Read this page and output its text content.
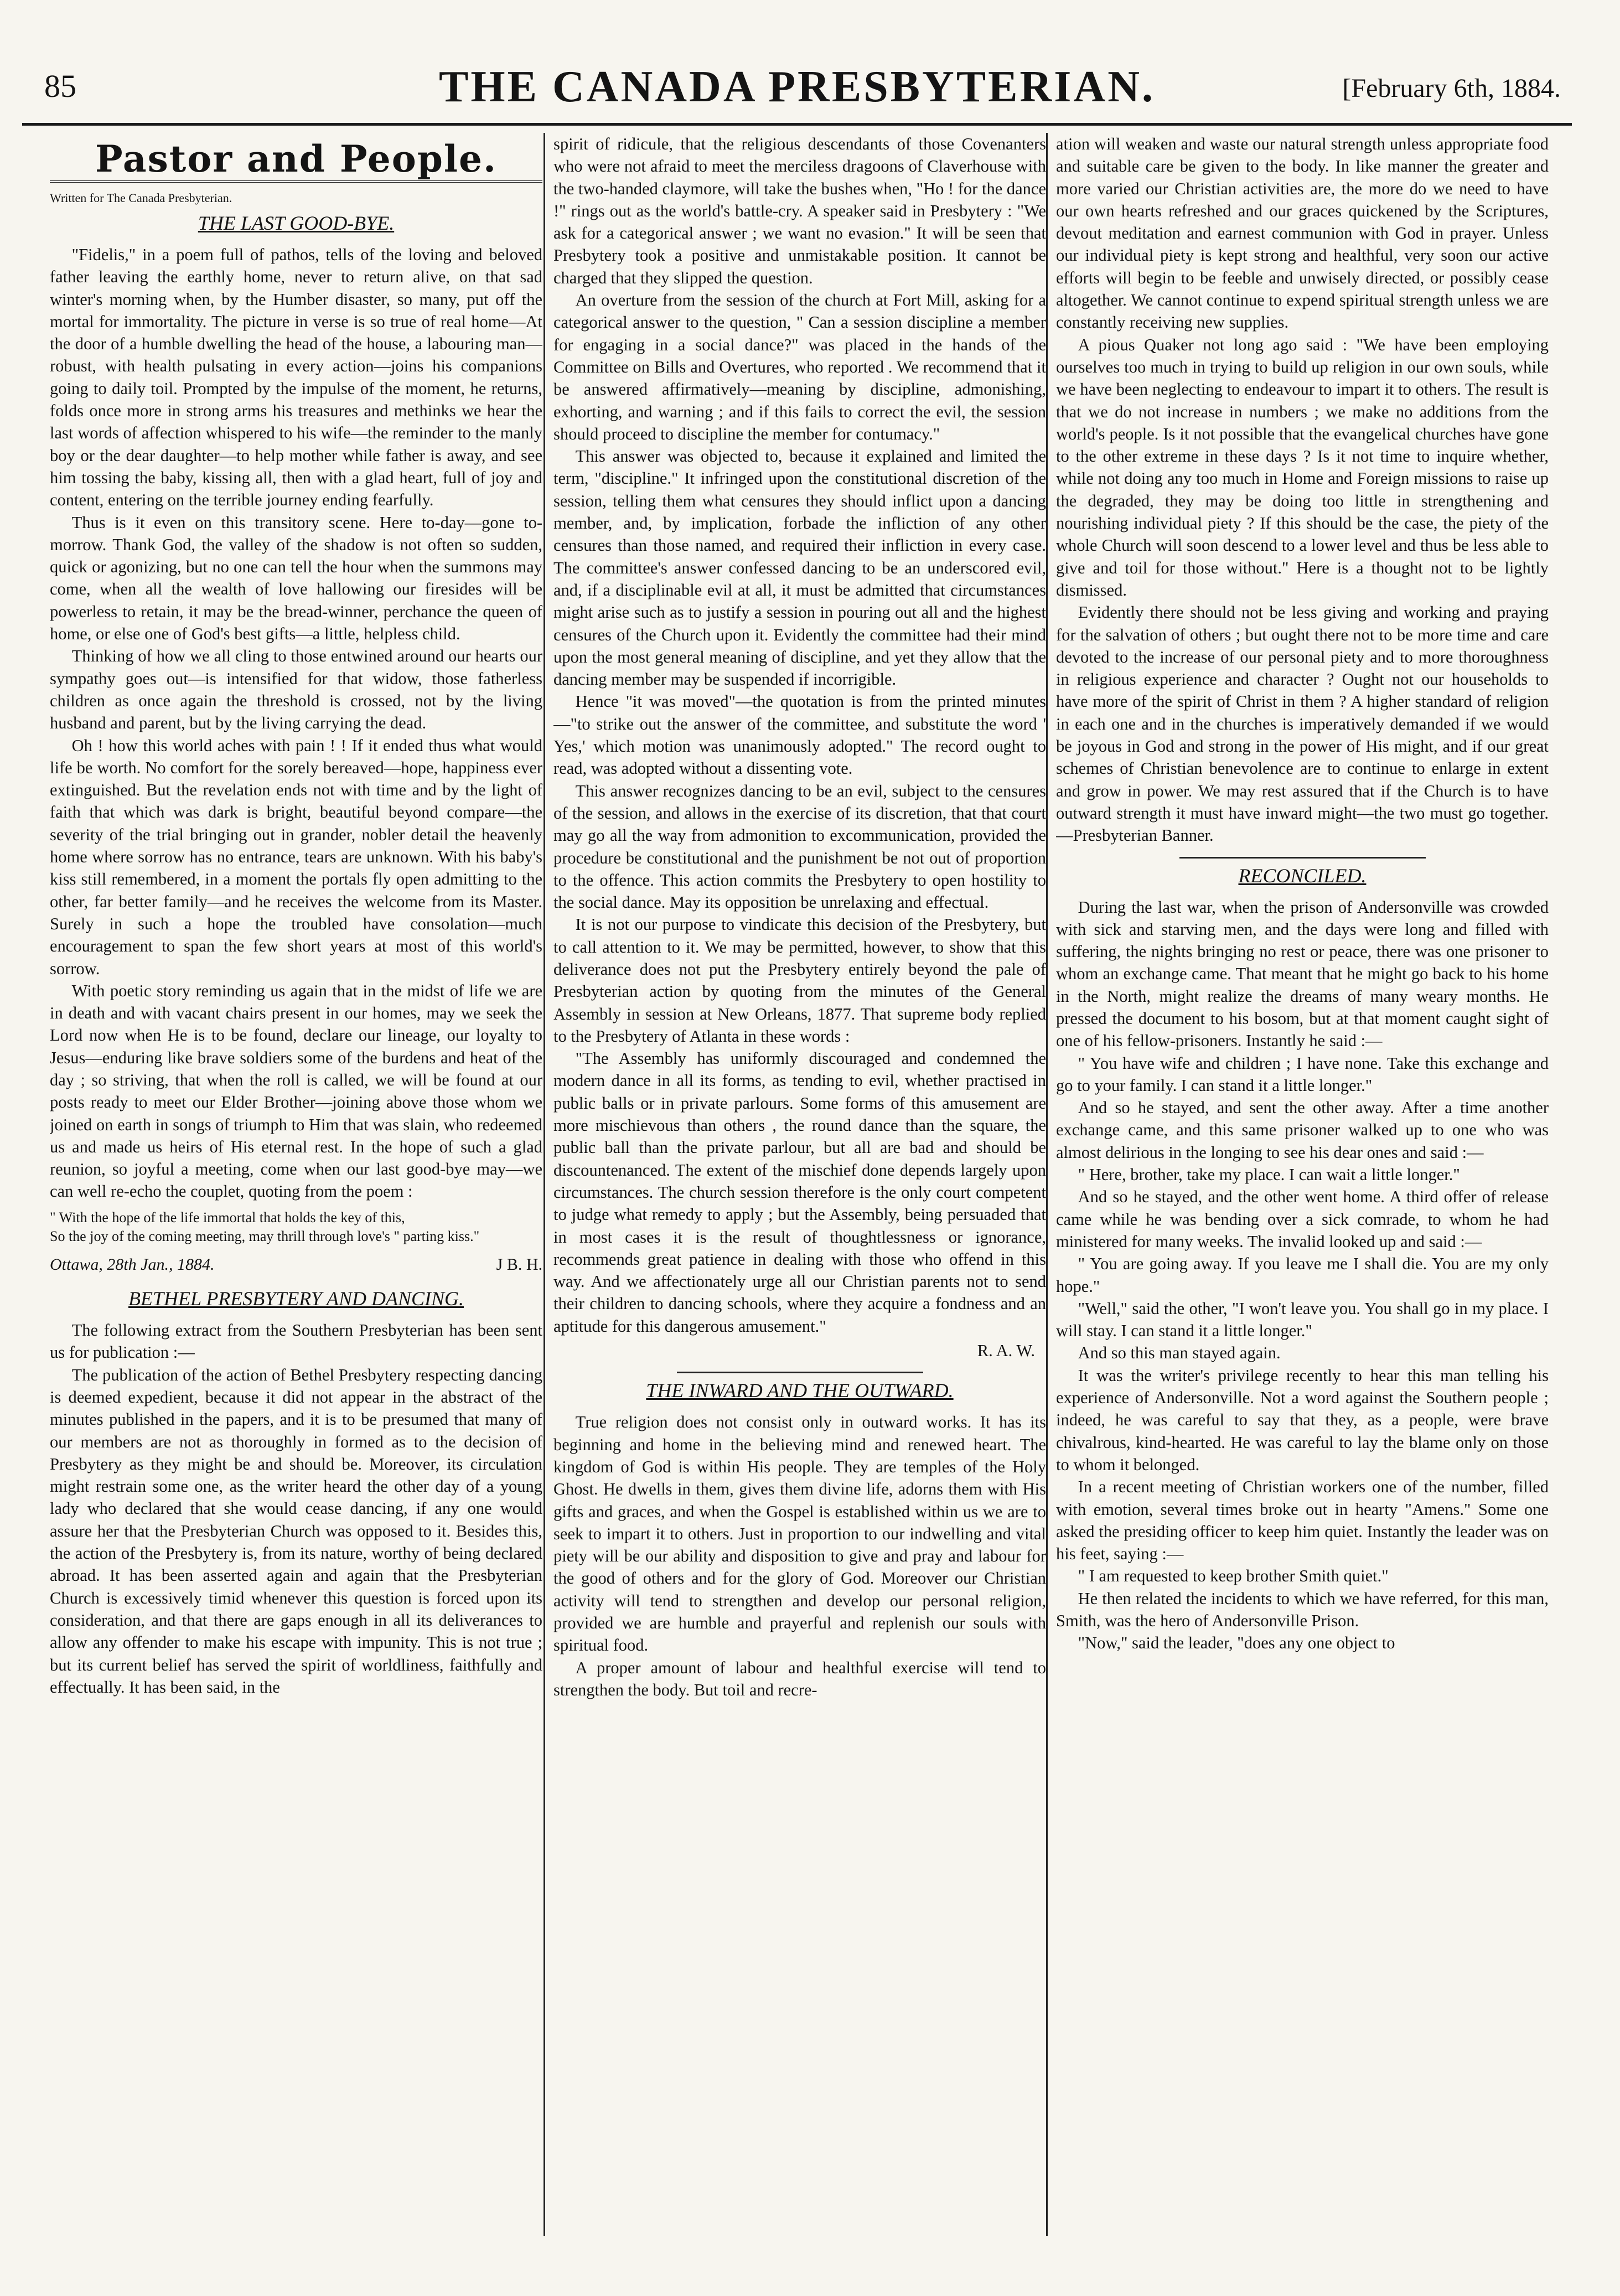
85	THE CANADA PRESBYTERIAN.	[February 6th, 1884.
Pastor and People.
Written for The Canada Presbyterian.
THE LAST GOOD-BYE.

"Fidelis," in a poem full of pathos, tells of the loving and beloved father leaving the earthly home, never to return alive, on that sad winter's morning when, by the Humber disaster, so many, put off the mortal for immortality. The picture in verse is so true of real home—At the door of a humble dwelling the head of the house, a labouring man—robust, with health pulsating in every action—joins his companions going to daily toil. Prompted by the impulse of the moment, he returns, folds once more in strong arms his treasures and methinks we hear the last words of affection whispered to his wife—the reminder to the manly boy or the dear daughter—to help mother while father is away, and see him tossing the baby, kissing all, then with a glad heart, full of joy and content, entering on the terrible journey ending fearfully.

Thus is it even on this transitory scene. Here to-day—gone to-morrow. Thank God, the valley of the shadow is not often so sudden, quick or agonizing, but no one can tell the hour when the summons may come, when all the wealth of love hallowing our firesides will be powerless to retain, it may be the bread-winner, perchance the queen of home, or else one of God's best gifts—a little, helpless child.

Thinking of how we all cling to those entwined around our hearts our sympathy goes out—is intensified for that widow, those fatherless children as once again the threshold is crossed, not by the living husband and parent, but by the living carrying the dead.

Oh ! how this world aches with pain ! ! If it ended thus what would life be worth. No comfort for the sorely bereaved—hope, happiness ever extinguished. But the revelation ends not with time and by the light of faith that which was dark is bright, beautiful beyond compare—the severity of the trial bringing out in grander, nobler detail the heavenly home where sorrow has no entrance, tears are unknown. With his baby's kiss still remembered, in a moment the portals fly open admitting to the other, far better family—and he receives the welcome from its Master. Surely in such a hope the troubled have consolation—much encouragement to span the few short years at most of this world's sorrow.

With poetic story reminding us again that in the midst of life we are in death and with vacant chairs present in our homes, may we seek the Lord now when He is to be found, declare our lineage, our loyalty to Jesus—enduring like brave soldiers some of the burdens and heat of the day ; so striving, that when the roll is called, we will be found at our posts ready to meet our Elder Brother—joining above those whom we joined on earth in songs of triumph to Him that was slain, who redeemed us and made us heirs of His eternal rest. In the hope of such a glad reunion, so joyful a meeting, come when our last good-bye may—we can well re-echo the couplet, quoting from the poem :

" With the hope of the life immortal that holds the key of this,
So the joy of the coming meeting, may thrill through love's " parting kiss."
Ottawa, 28th Jan., 1884.	J B. H.
BETHEL PRESBYTERY AND DANCING.

The following extract from the Southern Presbyterian has been sent us for publication :—

The publication of the action of Bethel Presbytery respecting dancing is deemed expedient, because it did not appear in the abstract of the minutes published in the papers, and it is to be presumed that many of our members are not as thoroughly in formed as to the decision of Presbytery as they might be and should be. Moreover, its circulation might restrain some one, as the writer heard the other day of a young lady who declared that she would cease dancing, if any one would assure her that the Presbyterian Church was opposed to it. Besides this, the action of the Presbytery is, from its nature, worthy of being declared abroad. It has been asserted again and again that the Presbyterian Church is excessively timid whenever this question is forced upon its consideration, and that there are gaps enough in all its deliverances to allow any offender to make his escape with impunity. This is not true ; but its current belief has served the spirit of worldliness, faithfully and effectually. It has been said, in the

spirit of ridicule, that the religious descendants of those Covenanters who were not afraid to meet the merciless dragoons of Claverhouse with the two-handed claymore, will take the bushes when, "Ho ! for the dance !" rings out as the world's battle-cry. A speaker said in Presbytery : "We ask for a categorical answer ; we want no evasion." It will be seen that Presbytery took a positive and unmistakable position. It cannot be charged that they slipped the question.

An overture from the session of the church at Fort Mill, asking for a categorical answer to the question, " Can a session discipline a member for engaging in a social dance?" was placed in the hands of the Committee on Bills and Overtures, who reported . We recommend that it be answered affirmatively—meaning by discipline, admonishing, exhorting, and warning ; and if this fails to correct the evil, the session should proceed to discipline the member for contumacy."

This answer was objected to, because it explained and limited the term, "discipline." It infringed upon the constitutional discretion of the session, telling them what censures they should inflict upon a dancing member, and, by implication, forbade the infliction of any other censures than those named, and required their infliction in every case. The committee's answer confessed dancing to be an underscored evil, and, if a disciplinable evil at all, it must be admitted that circumstances might arise such as to justify a session in pouring out all and the highest censures of the Church upon it. Evidently the committee had their mind upon the most general meaning of discipline, and yet they allow that the dancing member may be suspended if incorrigible.

Hence "it was moved"—the quotation is from the printed minutes—"to strike out the answer of the committee, and substitute the word ' Yes,' which motion was unanimously adopted." The record ought to read, was adopted without a dissenting vote.

This answer recognizes dancing to be an evil, subject to the censures of the session, and allows in the exercise of its discretion, that that court may go all the way from admonition to excommunication, provided the procedure be constitutional and the punishment be not out of proportion to the offence. This action commits the Presbytery to open hostility to the social dance. May its opposition be unrelaxing and effectual.

It is not our purpose to vindicate this decision of the Presbytery, but to call attention to it. We may be permitted, however, to show that this deliverance does not put the Presbytery entirely beyond the pale of Presbyterian action by quoting from the minutes of the General Assembly in session at New Orleans, 1877. That supreme body replied to the Presbytery of Atlanta in these words :

"The Assembly has uniformly discouraged and condemned the modern dance in all its forms, as tending to evil, whether practised in public balls or in private parlours. Some forms of this amusement are more mischievous than others , the round dance than the square, the public ball than the private parlour, but all are bad and should be discountenanced. The extent of the mischief done depends largely upon circumstances. The church session therefore is the only court competent to judge what remedy to apply ; but the Assembly, being persuaded that in most cases it is the result of thoughtlessness or ignorance, recommends great patience in dealing with those who offend in this way. And we affectionately urge all our Christian parents not to send their children to dancing schools, where they acquire a fondness and an aptitude for this dangerous amusement."

R. A. W.
THE INWARD AND THE OUTWARD.

True religion does not consist only in outward works. It has its beginning and home in the believing mind and renewed heart. The kingdom of God is within His people. They are temples of the Holy Ghost. He dwells in them, gives them divine life, adorns them with His gifts and graces, and when the Gospel is established within us we are to seek to impart it to others. Just in proportion to our indwelling and vital piety will be our ability and disposition to give and pray and labour for the good of others and for the glory of God. Moreover our Christian activity will tend to strengthen and develop our personal religion, provided we are humble and prayerful and replenish our souls with spiritual food.

A proper amount of labour and healthful exercise will tend to strengthen the body. But toil and recre-

ation will weaken and waste our natural strength unless appropriate food and suitable care be given to the body. In like manner the greater and more varied our Christian activities are, the more do we need to have our own hearts refreshed and our graces quickened by the Scriptures, devout meditation and earnest communion with God in prayer. Unless our individual piety is kept strong and healthful, very soon our active efforts will begin to be feeble and unwisely directed, or possibly cease altogether. We cannot continue to expend spiritual strength unless we are constantly receiving new supplies.

A pious Quaker not long ago said : "We have been employing ourselves too much in trying to build up religion in our own souls, while we have been neglecting to endeavour to impart it to others. The result is that we do not increase in numbers ; we make no additions from the world's people. Is it not possible that the evangelical churches have gone to the other extreme in these days ? Is it not time to inquire whether, while not doing any too much in Home and Foreign missions to raise up the degraded, they may be doing too little in strengthening and nourishing individual piety ? If this should be the case, the piety of the whole Church will soon descend to a lower level and thus be less able to give and toil for those without." Here is a thought not to be lightly dismissed.

Evidently there should not be less giving and working and praying for the salvation of others ; but ought there not to be more time and care devoted to the increase of our personal piety and to more thoroughness in religious experience and character ? Ought not our households to have more of the spirit of Christ in them ? A higher standard of religion in each one and in the churches is imperatively demanded if we would be joyous in God and strong in the power of His might, and if our great schemes of Christian benevolence are to continue to enlarge in extent and grow in power. We may rest assured that if the Church is to have outward strength it must have inward might—the two must go together.—Presbyterian Banner.

RECONCILED.

During the last war, when the prison of Andersonville was crowded with sick and starving men, and the days were long and filled with suffering, the nights bringing no rest or peace, there was one prisoner to whom an exchange came. That meant that he might go back to his home in the North, might realize the dreams of many weary months. He pressed the document to his bosom, but at that moment caught sight of one of his fellow-prisoners. Instantly he said :—

" You have wife and children ; I have none. Take this exchange and go to your family. I can stand it a little longer."

And so he stayed, and sent the other away. After a time another exchange came, and this same prisoner walked up to one who was almost delirious in the longing to see his dear ones and said :—

" Here, brother, take my place. I can wait a little longer."

And so he stayed, and the other went home. A third offer of release came while he was bending over a sick comrade, to whom he had ministered for many weeks. The invalid looked up and said :—

" You are going away. If you leave me I shall die. You are my only hope."

"Well," said the other, "I won't leave you. You shall go in my place. I will stay. I can stand it a little longer."

And so this man stayed again.

It was the writer's privilege recently to hear this man telling his experience of Andersonville. Not a word against the Southern people ; indeed, he was careful to say that they, as a people, were brave chivalrous, kind-hearted. He was careful to lay the blame only on those to whom it belonged.

In a recent meeting of Christian workers one of the number, filled with emotion, several times broke out in hearty "Amens." Some one asked the presiding officer to keep him quiet. Instantly the leader was on his feet, saying :—

" I am requested to keep brother Smith quiet."

He then related the incidents to which we have referred, for this man, Smith, was the hero of Andersonville Prison.

"Now," said the leader, "does any one object to
